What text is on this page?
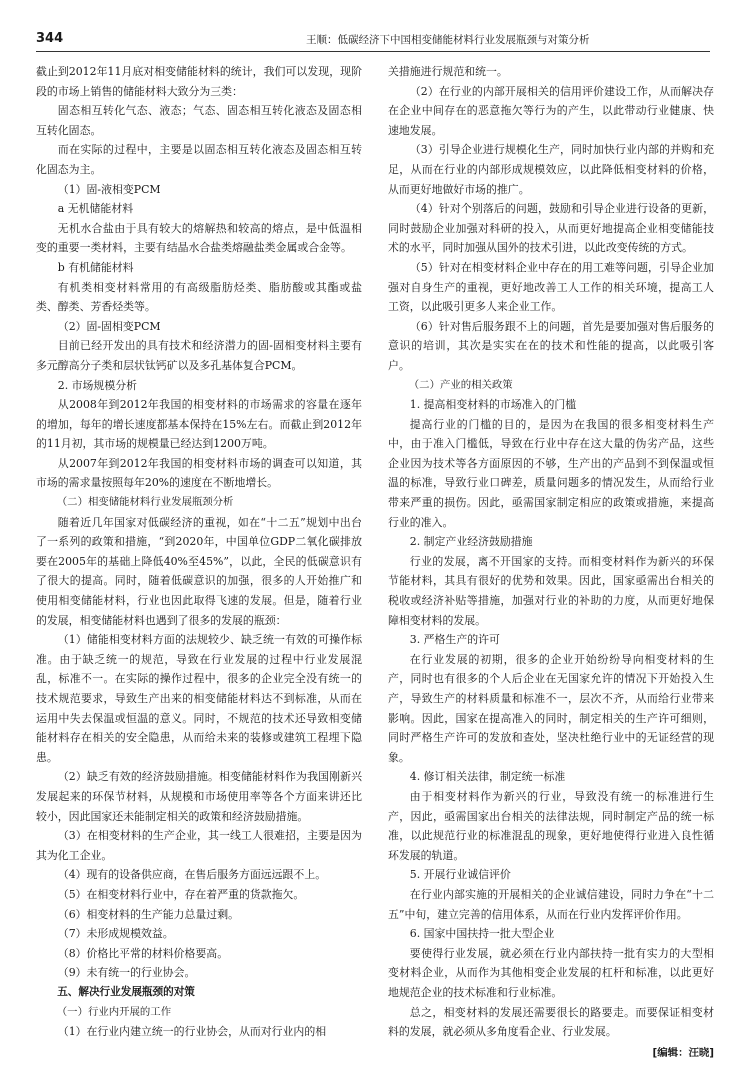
344	王顺：低碳经济下中国相变储能材料行业发展瓶颈与对策分析
截止到2012年11月底对相变储能材料的统计，我们可以发现，现阶段的市场上销售的储能材料大致分为三类：
固态相互转化气态、液态；气态、固态相互转化液态及固态相互转化固态。
而在实际的过程中，主要是以固态相互转化液态及固态相互转化固态为主。
（1）固-液相变PCM
a 无机储能材料
无机水合盐由于具有较大的熔解热和较高的熔点，是中低温相变的重要一类材料，主要有结晶水合盐类熔融盐类金属或合金等。
b 有机储能材料
有机类相变材料常用的有高级脂肪烃类、脂肪酸或其酯或盐类、醇类、芳香烃类等。
（2）固-固相变PCM
目前已经开发出的具有技术和经济潜力的固-固相变材料主要有多元醇高分子类和层状钛钙矿以及多孔基体复合PCM。
2. 市场规模分析
从2008年到2012年我国的相变材料的市场需求的容量在逐年的增加，每年的增长速度都基本保持在15%左右。而截止到2012年的11月初，其市场的规模量已经达到1200万吨。
从2007年到2012年我国的相变材料市场的调查可以知道，其市场的需求量按照每年20%的速度在不断地增长。
（二）相变储能材料行业发展瓶颈分析
随着近几年国家对低碳经济的重视，如在“十二五”规划中出台了一系列的政策和措施，“到2020年，中国单位GDP二氧化碳排放要在2005年的基础上降低40%至45%”，以此，全民的低碳意识有了很大的提高。同时，随着低碳意识的加强，很多的人开始推广和使用相变储能材料，行业也因此取得飞速的发展。但是，随着行业的发展，相变储能材料也遇到了很多的发展的瓶颈：
（1）储能相变材料方面的法规较少、缺乏统一有效的可操作标准。由于缺乏统一的规范，导致在行业发展的过程中行业发展混乱，标准不一。在实际的操作过程中，很多的企业完全没有统一的技术规范要求，导致生产出来的相变储能材料达不到标准，从而在运用中失去保温或恒温的意义。同时，不规范的技术还导致相变储能材料存在相关的安全隐患，从而给未来的装修或建筑工程埋下隐患。
（2）缺乏有效的经济鼓励措施。相变储能材料作为我国刚新兴发展起来的环保节材料，从规模和市场使用率等各个方面来讲还比较小，因此国家还未能制定相关的政策和经济鼓励措施。
（3）在相变材料的生产企业，其一线工人很难招，主要是因为其为化工企业。
（4）现有的设备供应商，在售后服务方面远远跟不上。
（5）在相变材料行业中，存在着严重的货款拖欠。
（6）相变材料的生产能力总量过剩。
（7）未形成规模效益。
（8）价格比平常的材料价格要高。
（9）未有统一的行业协会。
五、解决行业发展瓶颈的对策
（一）行业内开展的工作
（1）在行业内建立统一的行业协会，从而对行业内的相
关措施进行规范和统一。
（2）在行业的内部开展相关的信用评价建设工作，从而解决存在企业中间存在的恶意拖欠等行为的产生，以此带动行业健康、快速地发展。
（3）引导企业进行规模化生产，同时加快行业内部的并购和充足，从而在行业的内部形成规模效应，以此降低相变材料的价格，从而更好地做好市场的推广。
（4）针对个别落后的问题，鼓励和引导企业进行设备的更新，同时鼓励企业加强对科研的投入，从而更好地提高企业相变储能技术的水平，同时加强从国外的技术引进，以此改变传统的方式。
（5）针对在相变材料企业中存在的用工难等问题，引导企业加强对自身生产的重视，更好地改善工人工作的相关环境，提高工人工资，以此吸引更多人来企业工作。
（6）针对售后服务跟不上的问题，首先是要加强对售后服务的意识的培训，其次是实实在在的技术和性能的提高，以此吸引客户。
（二）产业的相关政策
1. 提高相变材料的市场准入的门槛
提高行业的门槛的目的，是因为在我国的很多相变材料生产中，由于准入门槛低，导致在行业中存在这大量的伪劣产品，这些企业因为技术等各方面原因的不够，生产出的产品到不到保温或恒温的标准，导致行业口碑差，质量问题多的情况发生，从而给行业带来严重的损伤。因此，亟需国家制定相应的政策或措施，来提高行业的准入。
2. 制定产业经济鼓励措施
行业的发展，离不开国家的支持。而相变材料作为新兴的环保节能材料，其具有很好的优势和效果。因此，国家亟需出台相关的税收或经济补贴等措施，加强对行业的补助的力度，从而更好地保障相变材料的发展。
3. 严格生产的许可
在行业发展的初期，很多的企业开始纷纷导向相变材料的生产，同时也有很多的个人后企业在无国家允许的情况下开始投入生产，导致生产的材料质量和标准不一，层次不齐，从而给行业带来影响。因此，国家在提高准入的同时，制定相关的生产许可细则，同时严格生产许可的发放和查处，坚决杜绝行业中的无证经营的现象。
4. 修订相关法律，制定统一标准
由于相变材料作为新兴的行业，导致没有统一的标准进行生产，因此，亟需国家出台相关的法律法规，同时制定产品的统一标准，以此规范行业的标准混乱的现象，更好地使得行业进入良性循环发展的轨道。
5. 开展行业诚信评价
在行业内部实施的开展相关的企业诚信建设，同时力争在“十二五”中旬，建立完善的信用体系，从而在行业内发挥评价作用。
6. 国家中国扶持一批大型企业
要使得行业发展，就必须在行业内部扶持一批有实力的大型相变材料企业，从而作为其他相变企业发展的杠杆和标准，以此更好地规范企业的技术标准和行业标准。
总之，相变材料的发展还需要很长的路要走。而要保证相变材料的发展，就必须从多角度看企业、行业发展。
[编辑：汪晓]
